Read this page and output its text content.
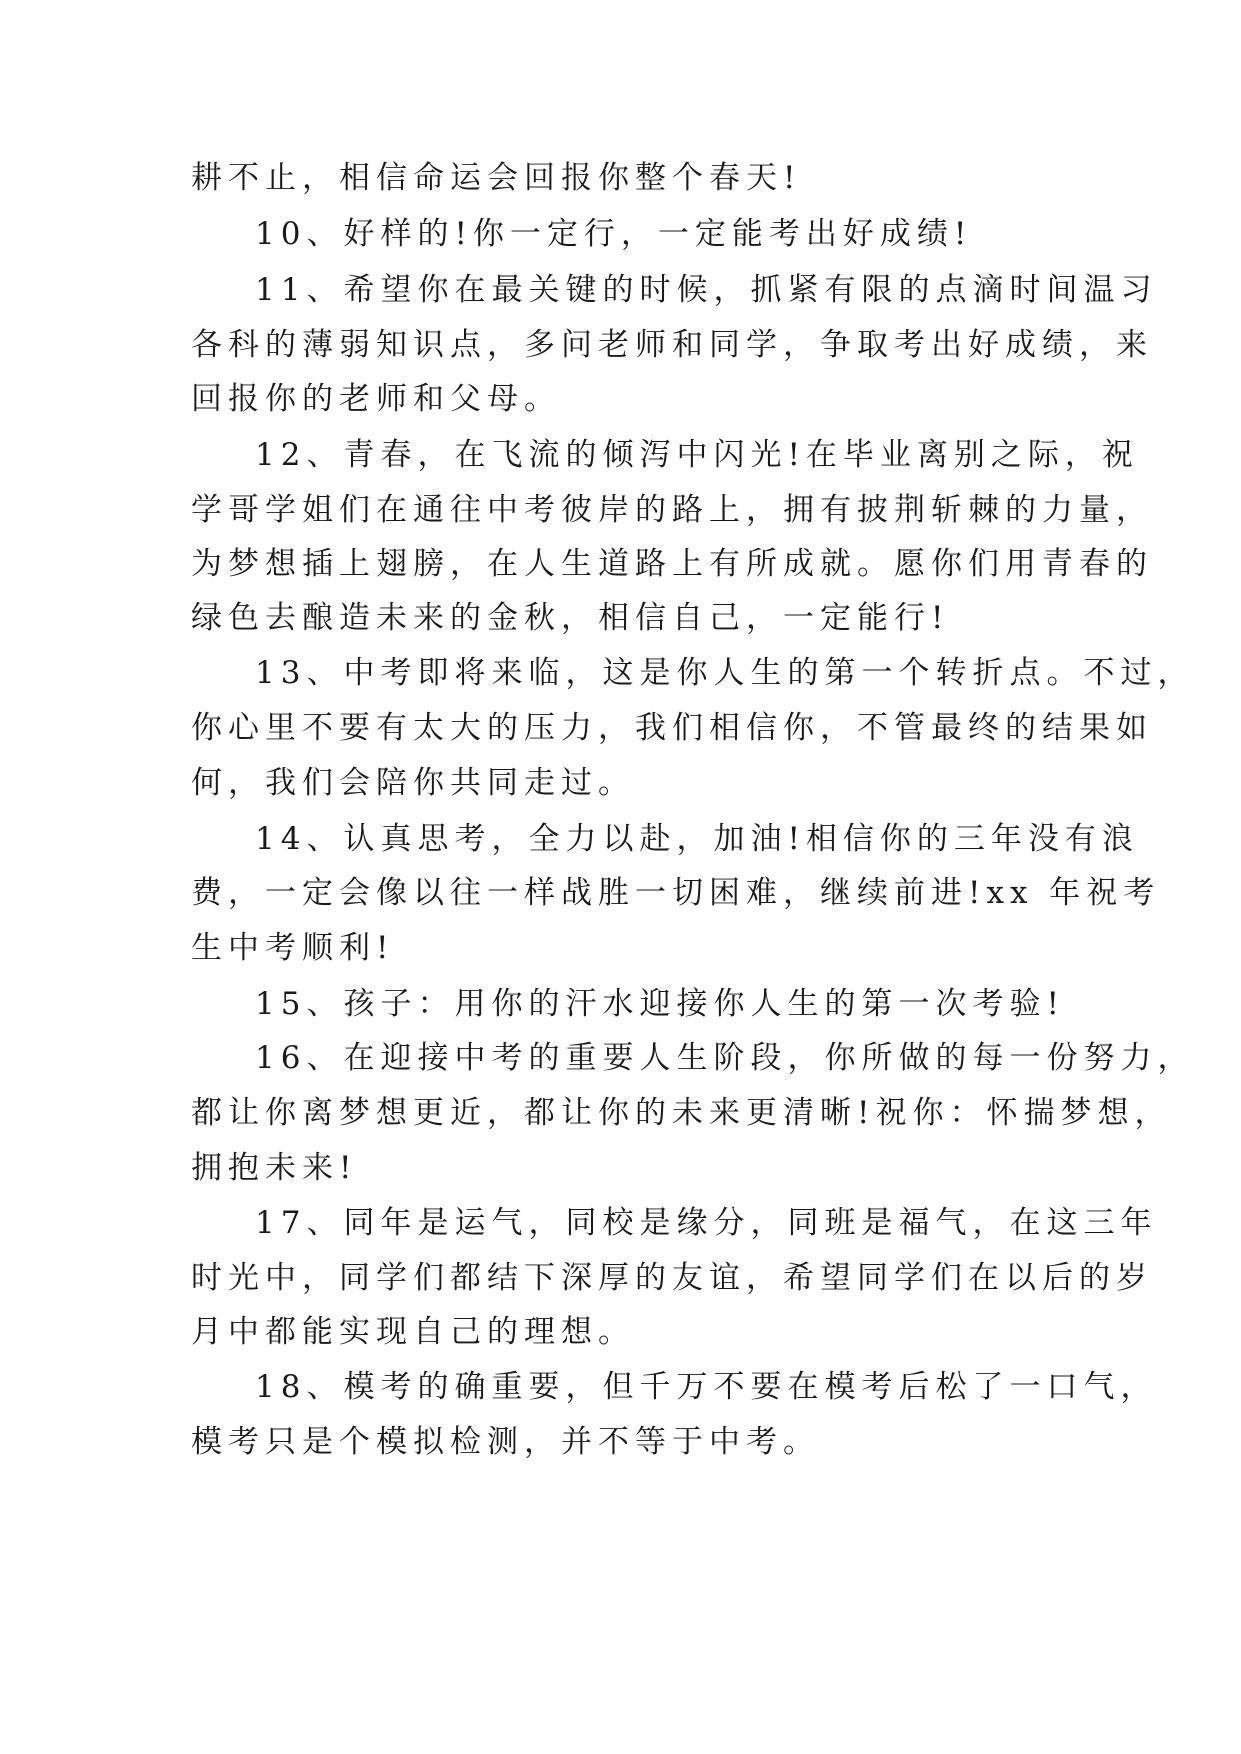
耕不止，相信命运会回报你整个春天!
10、好样的!你一定行，一定能考出好成绩!
11、希望你在最关键的时候，抓紧有限的点滴时间温习
各科的薄弱知识点，多问老师和同学，争取考出好成绩，来
回报你的老师和父母。
12、青春，在飞流的倾泻中闪光!在毕业离别之际，祝
学哥学姐们在通往中考彼岸的路上，拥有披荆斩棘的力量，
为梦想插上翅膀，在人生道路上有所成就。愿你们用青春的
绿色去酿造未来的金秋，相信自己，一定能行!
13、中考即将来临，这是你人生的第一个转折点。不过，
你心里不要有太大的压力，我们相信你，不管最终的结果如
何，我们会陪你共同走过。
14、认真思考，全力以赴，加油!相信你的三年没有浪
费，一定会像以往一样战胜一切困难，继续前进!xx 年祝考
生中考顺利!
15、孩子：用你的汗水迎接你人生的第一次考验!
16、在迎接中考的重要人生阶段，你所做的每一份努力，
都让你离梦想更近，都让你的未来更清晰!祝你：怀揣梦想，
拥抱未来!
17、同年是运气，同校是缘分，同班是福气，在这三年
时光中，同学们都结下深厚的友谊，希望同学们在以后的岁
月中都能实现自己的理想。
18、模考的确重要，但千万不要在模考后松了一口气，
模考只是个模拟检测，并不等于中考。
